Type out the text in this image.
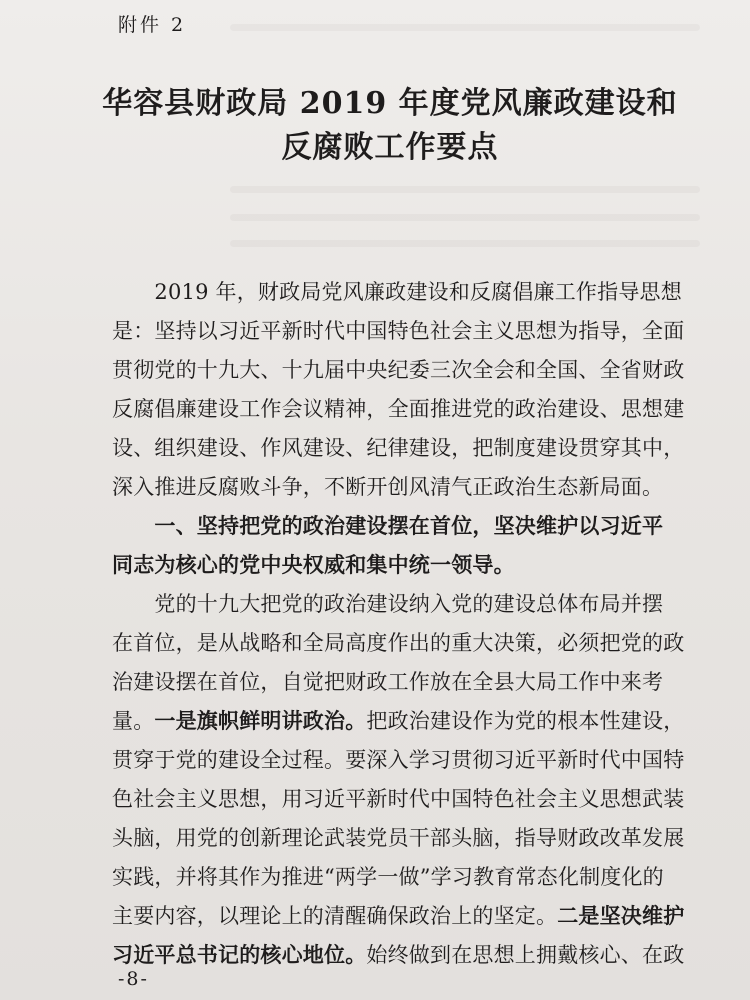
附件 2
华容县财政局 2019 年度党风廉政建设和
反腐败工作要点
　　2019 年，财政局党风廉政建设和反腐倡廉工作指导思想
是：坚持以习近平新时代中国特色社会主义思想为指导，全面
贯彻党的十九大、十九届中央纪委三次全会和全国、全省财政
反腐倡廉建设工作会议精神，全面推进党的政治建设、思想建
设、组织建设、作风建设、纪律建设，把制度建设贯穿其中，
深入推进反腐败斗争，不断开创风清气正政治生态新局面。
　　一、坚持把党的政治建设摆在首位，坚决维护以习近平
同志为核心的党中央权威和集中统一领导。
　　党的十九大把党的政治建设纳入党的建设总体布局并摆
在首位，是从战略和全局高度作出的重大决策，必须把党的政
治建设摆在首位，自觉把财政工作放在全县大局工作中来考
量。一是旗帜鲜明讲政治。把政治建设作为党的根本性建设，
贯穿于党的建设全过程。要深入学习贯彻习近平新时代中国特
色社会主义思想，用习近平新时代中国特色社会主义思想武装
头脑，用党的创新理论武装党员干部头脑，指导财政改革发展
实践，并将其作为推进“两学一做”学习教育常态化制度化的
主要内容，以理论上的清醒确保政治上的坚定。二是坚决维护
习近平总书记的核心地位。始终做到在思想上拥戴核心、在政
-8-
